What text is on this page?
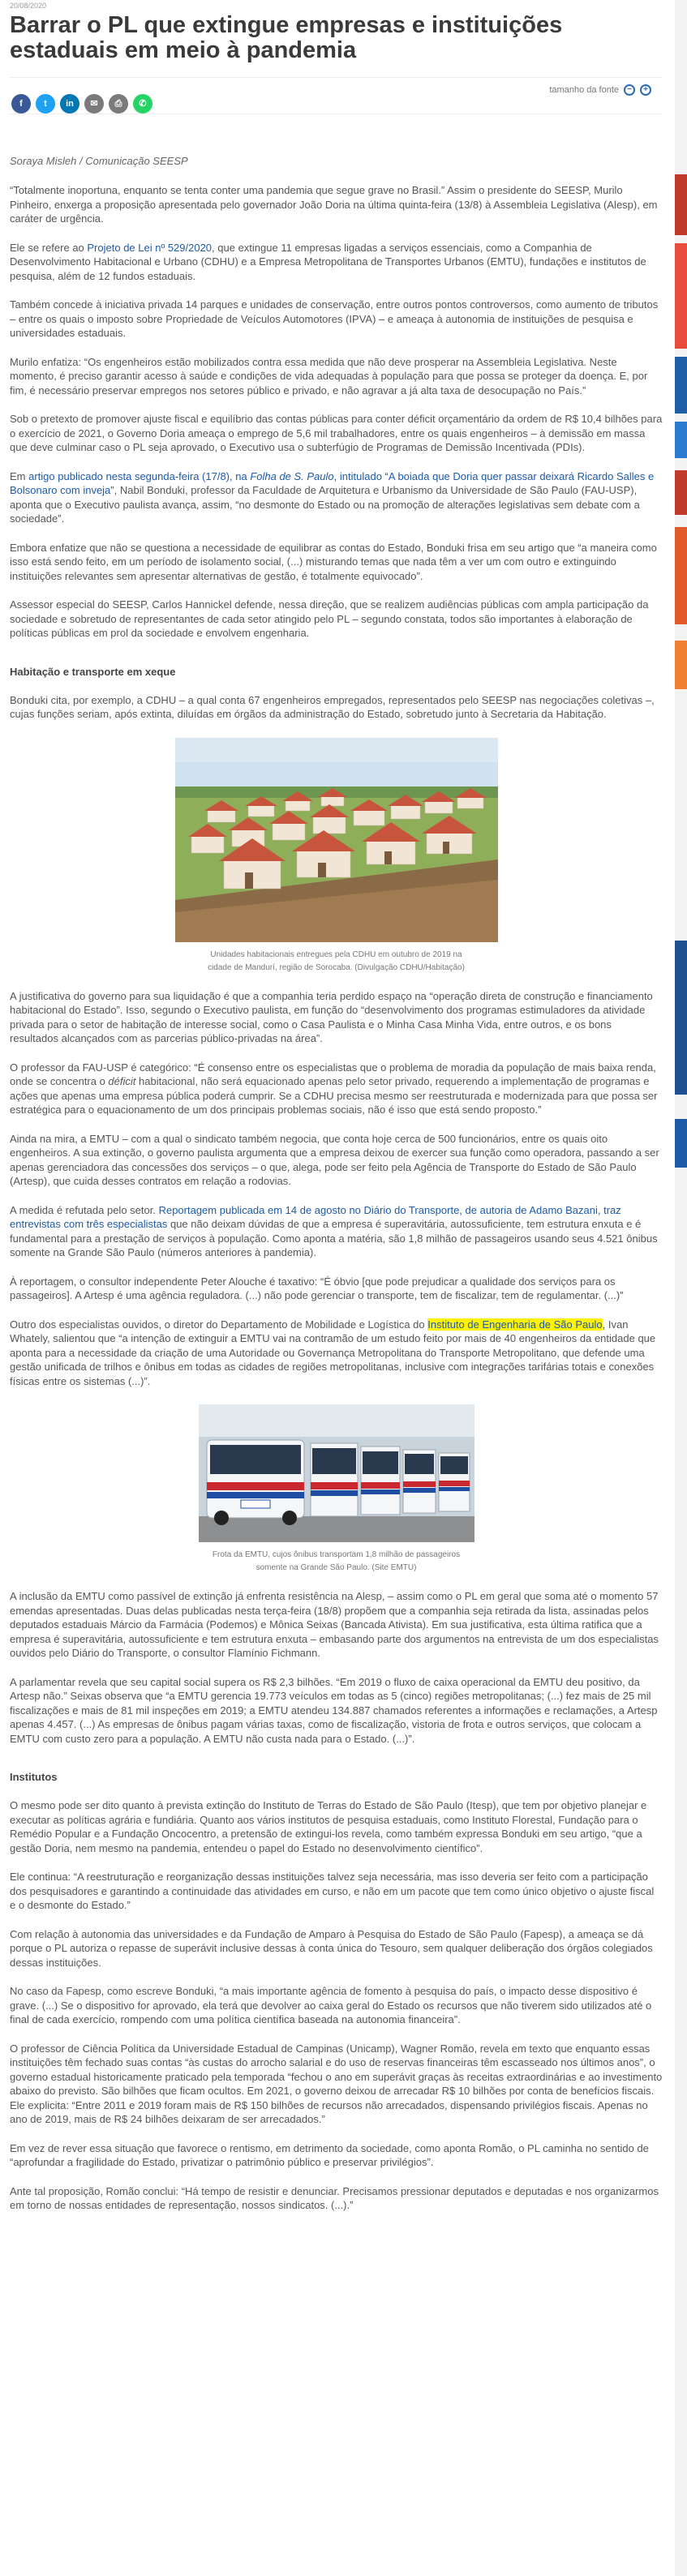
20/08/2020
Barrar o PL que extingue empresas e instituições estaduais em meio à pandemia
tamanho da fonte	−	+
f	t	in	✉	⎙	✆
Soraya Misleh / Comunicação SEESP

“Totalmente inoportuna, enquanto se tenta conter uma pandemia que segue grave no Brasil.” Assim o presidente do SEESP, Murilo Pinheiro, enxerga a proposição apresentada pelo governador João Doria na última quinta-feira (13/8) à Assembleia Legislativa (Alesp), em caráter de urgência.

Ele se refere ao Projeto de Lei nº 529/2020, que extingue 11 empresas ligadas a serviços essenciais, como a Companhia de Desenvolvimento Habitacional e Urbano (CDHU) e a Empresa Metropolitana de Transportes Urbanos (EMTU), fundações e institutos de pesquisa, além de 12 fundos estaduais.

Também concede à iniciativa privada 14 parques e unidades de conservação, entre outros pontos controversos, como aumento de tributos – entre os quais o imposto sobre Propriedade de Veículos Automotores (IPVA) – e ameaça à autonomia de instituições de pesquisa e universidades estaduais.

Murilo enfatiza: “Os engenheiros estão mobilizados contra essa medida que não deve prosperar na Assembleia Legislativa. Neste momento, é preciso garantir acesso à saúde e condições de vida adequadas à população para que possa se proteger da doença. E, por fim, é necessário preservar empregos nos setores público e privado, e não agravar a já alta taxa de desocupação no País.”

Sob o pretexto de promover ajuste fiscal e equilíbrio das contas públicas para conter déficit orçamentário da ordem de R$ 10,4 bilhões para o exercício de 2021, o Governo Doria ameaça o emprego de 5,6 mil trabalhadores, entre os quais engenheiros – à demissão em massa que deve culminar caso o PL seja aprovado, o Executivo usa o subterfúgio de Programas de Demissão Incentivada (PDIs).

Em artigo publicado nesta segunda-feira (17/8), na Folha de S. Paulo, intitulado “A boiada que Doria quer passar deixará Ricardo Salles e Bolsonaro com inveja”, Nabil Bonduki, professor da Faculdade de Arquitetura e Urbanismo da Universidade de São Paulo (FAU-USP), aponta que o Executivo paulista avança, assim, “no desmonte do Estado ou na promoção de alterações legislativas sem debate com a sociedade”.

Embora enfatize que não se questiona a necessidade de equilibrar as contas do Estado, Bonduki frisa em seu artigo que “a maneira como isso está sendo feito, em um período de isolamento social, (...) misturando temas que nada têm a ver um com outro e extinguindo instituições relevantes sem apresentar alternativas de gestão, é totalmente equivocado”.

Assessor especial do SEESP, Carlos Hannickel defende, nessa direção, que se realizem audiências públicas com ampla participação da sociedade e sobretudo de representantes de cada setor atingido pelo PL – segundo constata, todos são importantes à elaboração de políticas públicas em prol da sociedade e envolvem engenharia.

Habitação e transporte em xeque

Bonduki cita, por exemplo, a CDHU – a qual conta 67 engenheiros empregados, representados pelo SEESP nas negociações coletivas –, cujas funções seriam, após extinta, diluídas em órgãos da administração do Estado, sobretudo junto à Secretaria da Habitação.

Unidades habitacionais entregues pela CDHU em outubro de 2019 na
cidade de Mandurí, região de Sorocaba. (Divulgação CDHU/Habitação)

A justificativa do governo para sua liquidação é que a companhia teria perdido espaço na “operação direta de construção e financiamento habitacional do Estado”. Isso, segundo o Executivo paulista, em função do “desenvolvimento dos programas estimuladores da atividade privada para o setor de habitação de interesse social, como o Casa Paulista e o Minha Casa Minha Vida, entre outros, e os bons resultados alcançados com as parcerias público-privadas na área”.

O professor da FAU-USP é categórico: “É consenso entre os especialistas que o problema de moradia da população de mais baixa renda, onde se concentra o déficit habitacional, não será equacionado apenas pelo setor privado, requerendo a implementação de programas e ações que apenas uma empresa pública poderá cumprir. Se a CDHU precisa mesmo ser reestruturada e modernizada para que possa ser estratégica para o equacionamento de um dos principais problemas sociais, não é isso que está sendo proposto.”

Ainda na mira, a EMTU – com a qual o sindicato também negocia, que conta hoje cerca de 500 funcionários, entre os quais oito engenheiros. A sua extinção, o governo paulista argumenta que a empresa deixou de exercer sua função como operadora, passando a ser apenas gerenciadora das concessões dos serviços – o que, alega, pode ser feito pela Agência de Transporte do Estado de São Paulo (Artesp), que cuida desses contratos em relação a rodovias.

A medida é refutada pelo setor. Reportagem publicada em 14 de agosto no Diário do Transporte, de autoria de Adamo Bazani, traz entrevistas com três especialistas que não deixam dúvidas de que a empresa é superavitária, autossuficiente, tem estrutura enxuta e é fundamental para a prestação de serviços à população. Como aponta a matéria, são 1,8 milhão de passageiros usando seus 4.521 ônibus somente na Grande São Paulo (números anteriores à pandemia).

À reportagem, o consultor independente Peter Alouche é taxativo: “É óbvio [que pode prejudicar a qualidade dos serviços para os passageiros]. A Artesp é uma agência reguladora. (...) não pode gerenciar o transporte, tem de fiscalizar, tem de regulamentar. (...)”

Outro dos especialistas ouvidos, o diretor do Departamento de Mobilidade e Logística do Instituto de Engenharia de São Paulo, Ivan Whately, salientou que “a intenção de extinguir a EMTU vai na contramão de um estudo feito por mais de 40 engenheiros da entidade que aponta para a necessidade da criação de uma Autoridade ou Governança Metropolitana do Transporte Metropolitano, que defende uma gestão unificada de trilhos e ônibus em todas as cidades de regiões metropolitanas, inclusive com integrações tarifárias totais e conexões físicas entre os sistemas (...)”.

Frota da EMTU, cujos ônibus transportam 1,8 milhão de passageiros
somente na Grande São Paulo. (Site EMTU)

A inclusão da EMTU como passível de extinção já enfrenta resistência na Alesp, – assim como o PL em geral que soma até o momento 57 emendas apresentadas. Duas delas publicadas nesta terça-feira (18/8) propõem que a companhia seja retirada da lista, assinadas pelos deputados estaduais Márcio da Farmácia (Podemos) e Mônica Seixas (Bancada Ativista). Em sua justificativa, esta última ratifica que a empresa é superavitária, autossuficiente e tem estrutura enxuta – embasando parte dos argumentos na entrevista de um dos especialistas ouvidos pelo Diário do Transporte, o consultor Flamínio Fichmann.

A parlamentar revela que seu capital social supera os R$ 2,3 bilhões. “Em 2019 o fluxo de caixa operacional da EMTU deu positivo, da Artesp não.” Seixas observa que “a EMTU gerencia 19.773 veículos em todas as 5 (cinco) regiões metropolitanas; (...) fez mais de 25 mil fiscalizações e mais de 81 mil inspeções em 2019; a EMTU atendeu 134.887 chamados referentes a informações e reclamações, a Artesp apenas 4.457. (...) As empresas de ônibus pagam várias taxas, como de fiscalização, vistoria de frota e outros serviços, que colocam a EMTU com custo zero para a população. A EMTU não custa nada para o Estado. (...)”.

Institutos

O mesmo pode ser dito quanto à prevista extinção do Instituto de Terras do Estado de São Paulo (Itesp), que tem por objetivo planejar e executar as políticas agrária e fundiária. Quanto aos vários institutos de pesquisa estaduais, como Instituto Florestal, Fundação para o Remédio Popular e a Fundação Oncocentro, a pretensão de extingui-los revela, como também expressa Bonduki em seu artigo, “que a gestão Doria, nem mesmo na pandemia, entendeu o papel do Estado no desenvolvimento científico”.

Ele continua: “A reestruturação e reorganização dessas instituições talvez seja necessária, mas isso deveria ser feito com a participação dos pesquisadores e garantindo a continuidade das atividades em curso, e não em um pacote que tem como único objetivo o ajuste fiscal e o desmonte do Estado.”

Com relação à autonomia das universidades e da Fundação de Amparo à Pesquisa do Estado de São Paulo (Fapesp), a ameaça se dá porque o PL autoriza o repasse de superávit inclusive dessas à conta única do Tesouro, sem qualquer deliberação dos órgãos colegiados dessas instituições.

No caso da Fapesp, como escreve Bonduki, “a mais importante agência de fomento à pesquisa do país, o impacto desse dispositivo é grave. (...) Se o dispositivo for aprovado, ela terá que devolver ao caixa geral do Estado os recursos que não tiverem sido utilizados até o final de cada exercício, rompendo com uma política científica baseada na autonomia financeira”.

O professor de Ciência Política da Universidade Estadual de Campinas (Unicamp), Wagner Romão, revela em texto que enquanto essas instituições têm fechado suas contas “às custas do arrocho salarial e do uso de reservas financeiras têm escasseado nos últimos anos”, o governo estadual historicamente praticado pela temporada “fechou o ano em superávit graças às receitas extraordinárias e ao investimento abaixo do previsto. São bilhões que ficam ocultos. Em 2021, o governo deixou de arrecadar R$ 10 bilhões por conta de benefícios fiscais. Ele explicita: “Entre 2011 e 2019 foram mais de R$ 150 bilhões de recursos não arrecadados, dispensando privilégios fiscais. Apenas no ano de 2019, mais de R$ 24 bilhões deixaram de ser arrecadados.”

Em vez de rever essa situação que favorece o rentismo, em detrimento da sociedade, como aponta Romão, o PL caminha no sentido de “aprofundar a fragilidade do Estado, privatizar o patrimônio público e preservar privilégios”.

Ante tal proposição, Romão conclui: “Há tempo de resistir e denunciar. Precisamos pressionar deputados e deputadas e nos organizarmos em torno de nossas entidades de representação, nossos sindicatos. (...).”
